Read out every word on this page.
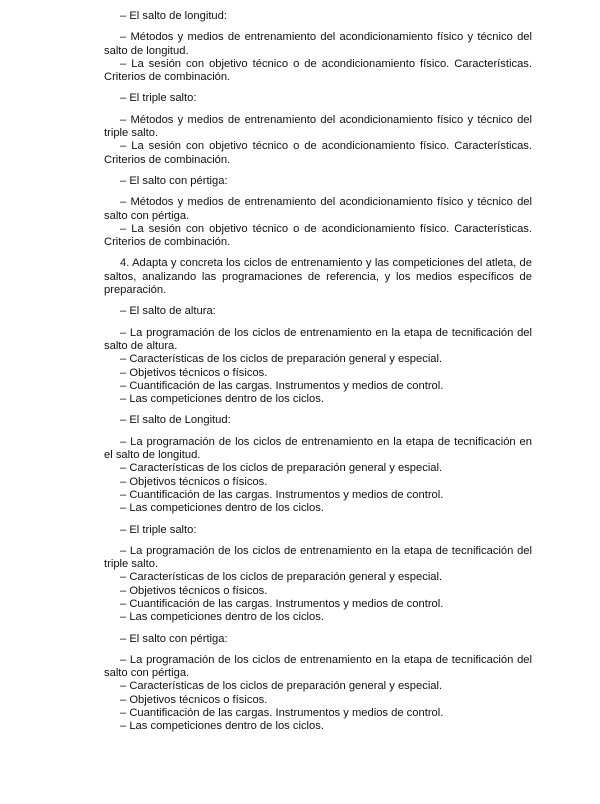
– El salto de longitud:

– Métodos y medios de entrenamiento del acondicionamiento físico y técnico del salto de longitud.

– La sesión con objetivo técnico o de acondicionamiento físico. Características. Criterios de combinación.

– El triple salto:

– Métodos y medios de entrenamiento del acondicionamiento físico y técnico del triple salto.

– La sesión con objetivo técnico o de acondicionamiento físico. Características. Criterios de combinación.

– El salto con pértiga:

– Métodos y medios de entrenamiento del acondicionamiento físico y técnico del salto con pértiga.

– La sesión con objetivo técnico o de acondicionamiento físico. Características. Criterios de combinación.

4. Adapta y concreta los ciclos de entrenamiento y las competiciones del atleta, de saltos, analizando las programaciones de referencia, y los medios específicos de preparación.

– El salto de altura:

– La programación de los ciclos de entrenamiento en la etapa de tecnificación del salto de altura.

– Características de los ciclos de preparación general y especial.

– Objetivos técnicos o físicos.

– Cuantificación de las cargas. Instrumentos y medios de control.

– Las competiciones dentro de los ciclos.

– El salto de Longitud:

– La programación de los ciclos de entrenamiento en la etapa de tecnificación en el salto de longitud.

– Características de los ciclos de preparación general y especial.

– Objetivos técnicos o físicos.

– Cuantificación de las cargas. Instrumentos y medios de control.

– Las competiciones dentro de los ciclos.

– El triple salto:

– La programación de los ciclos de entrenamiento en la etapa de tecnificación del triple salto.

– Características de los ciclos de preparación general y especial.

– Objetivos técnicos o físicos.

– Cuantificación de las cargas. Instrumentos y medios de control.

– Las competiciones dentro de los ciclos.

– El salto con pértiga:

– La programación de los ciclos de entrenamiento en la etapa de tecnificación del salto con pértiga.

– Características de los ciclos de preparación general y especial.

– Objetivos técnicos o físicos.

– Cuantificación de las cargas. Instrumentos y medios de control.

– Las competiciones dentro de los ciclos.
